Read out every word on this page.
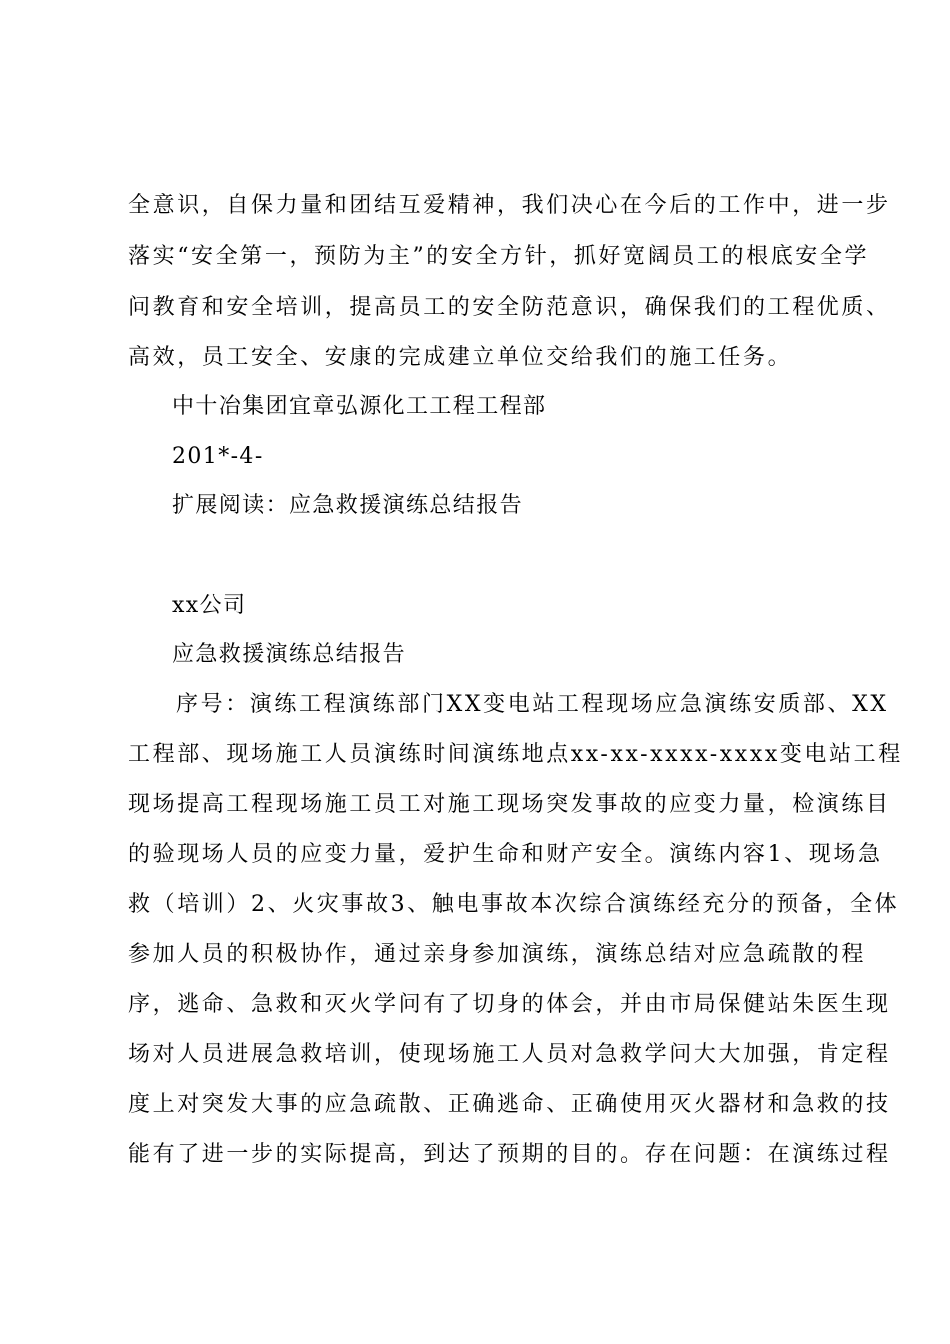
全意识，自保力量和团结互爱精神，我们决心在今后的工作中，进一步
落实“安全第一，预防为主”的安全方针，抓好宽阔员工的根底安全学
问教育和安全培训，提高员工的安全防范意识，确保我们的工程优质、
高效，员工安全、安康的完成建立单位交给我们的施工任务。
中十冶集团宜章弘源化工工程工程部
201*-4-
扩展阅读：应急救援演练总结报告
xx公司
应急救援演练总结报告
序号：演练工程演练部门XX变电站工程现场应急演练安质部、XX
工程部、现场施工人员演练时间演练地点xx-xx-xxxx-xxxx变电站工程
现场提高工程现场施工员工对施工现场突发事故的应变力量，检演练目
的验现场人员的应变力量，爱护生命和财产安全。演练内容1、现场急
救（培训）2、火灾事故3、触电事故本次综合演练经充分的预备，全体
参加人员的积极协作，通过亲身参加演练，演练总结对应急疏散的程
序，逃命、急救和灭火学问有了切身的体会，并由市局保健站朱医生现
场对人员进展急救培训，使现场施工人员对急救学问大大加强，肯定程
度上对突发大事的应急疏散、正确逃命、正确使用灭火器材和急救的技
能有了进一步的实际提高，到达了预期的目的。存在问题：在演练过程
